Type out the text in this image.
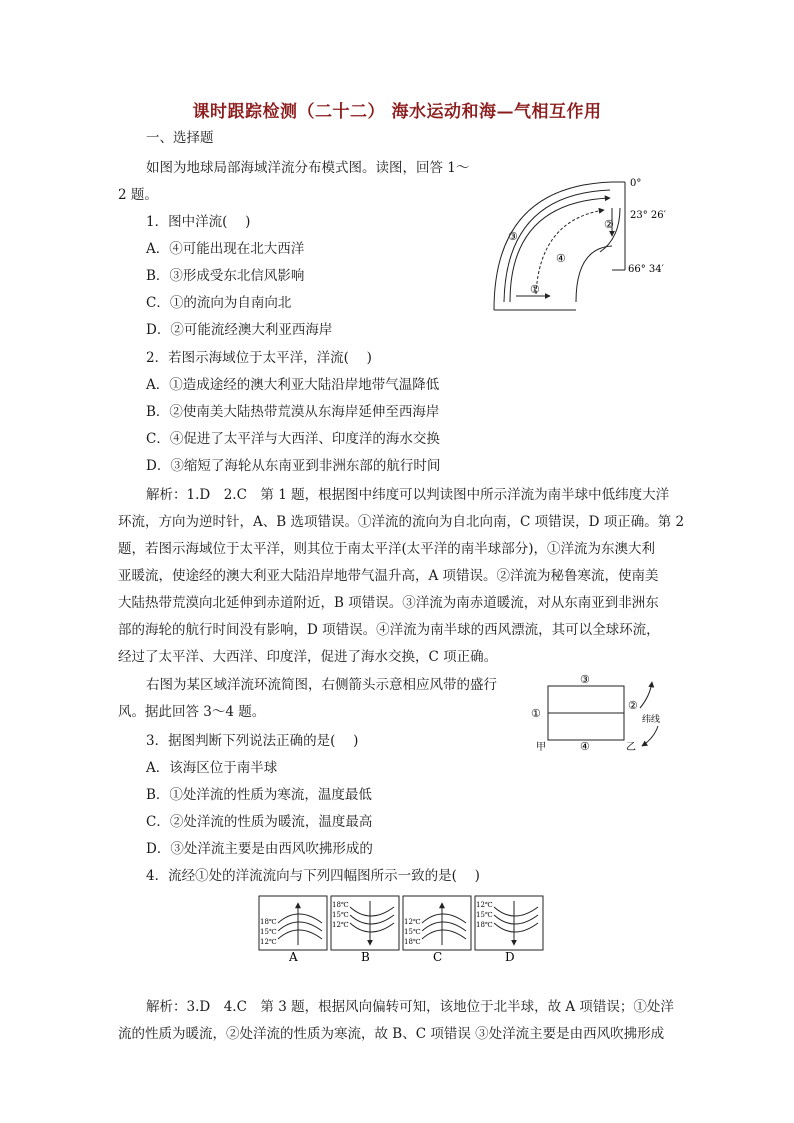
课时跟踪检测（二十二） 海水运动和海—气相互作用
一、选择题
如图为地球局部海域洋流分布模式图。读图，回答 1～
2 题。
1．图中洋流(　 )
A．④可能出现在北大西洋
B．③形成受东北信风影响
C．①的流向为自南向北
D．②可能流经澳大利亚西海岸
2．若图示海域位于太平洋，洋流(　 )
A．①造成途经的澳大利亚大陆沿岸地带气温降低
B．②使南美大陆热带荒漠从东海岸延伸至西海岸
C．④促进了太平洋与大西洋、印度洋的海水交换
D．③缩短了海轮从东南亚到非洲东部的航行时间
解析：1.D　2.C　第 1 题，根据图中纬度可以判读图中所示洋流为南半球中低纬度大洋
环流，方向为逆时针，A、B 选项错误。①洋流的流向为自北向南，C 项错误，D 项正确。第 2
题，若图示海域位于太平洋，则其位于南太平洋(太平洋的南半球部分)，①洋流为东澳大利
亚暖流，使途经的澳大利亚大陆沿岸地带气温升高，A 项错误。②洋流为秘鲁寒流，使南美
大陆热带荒漠向北延伸到赤道附近，B 项错误。③洋流为南赤道暖流，对从东南亚到非洲东
部的海轮的航行时间没有影响，D 项错误。④洋流为南半球的西风漂流，其可以全球环流，
经过了太平洋、大西洋、印度洋，促进了海水交换，C 项正确。
右图为某区域洋流环流简图，右侧箭头示意相应风带的盛行
风。据此回答 3～4 题。
3．据图判断下列说法正确的是(　 )
A．该海区位于南半球
B．①处洋流的性质为寒流，温度最低
C．②处洋流的性质为暖流，温度最高
D．③处洋流主要是由西风吹拂形成的
4．流经①处的洋流流向与下列四幅图所示一致的是(　 )
解析：3.D　4.C　第 3 题，根据风向偏转可知，该地位于北半球，故 A 项错误；①处洋
流的性质为暖流，②处洋流的性质为寒流，故 B、C 项错误 ③处洋流主要是由西风吹拂形成
0°
23° 26′
66° 34′
①
②
③
④
③
①
②
④
甲	乙
纬线
18℃
15℃
12℃
A
18℃
15℃
12℃
B
12℃
15℃
18℃
C
12℃
15℃
18℃
D
